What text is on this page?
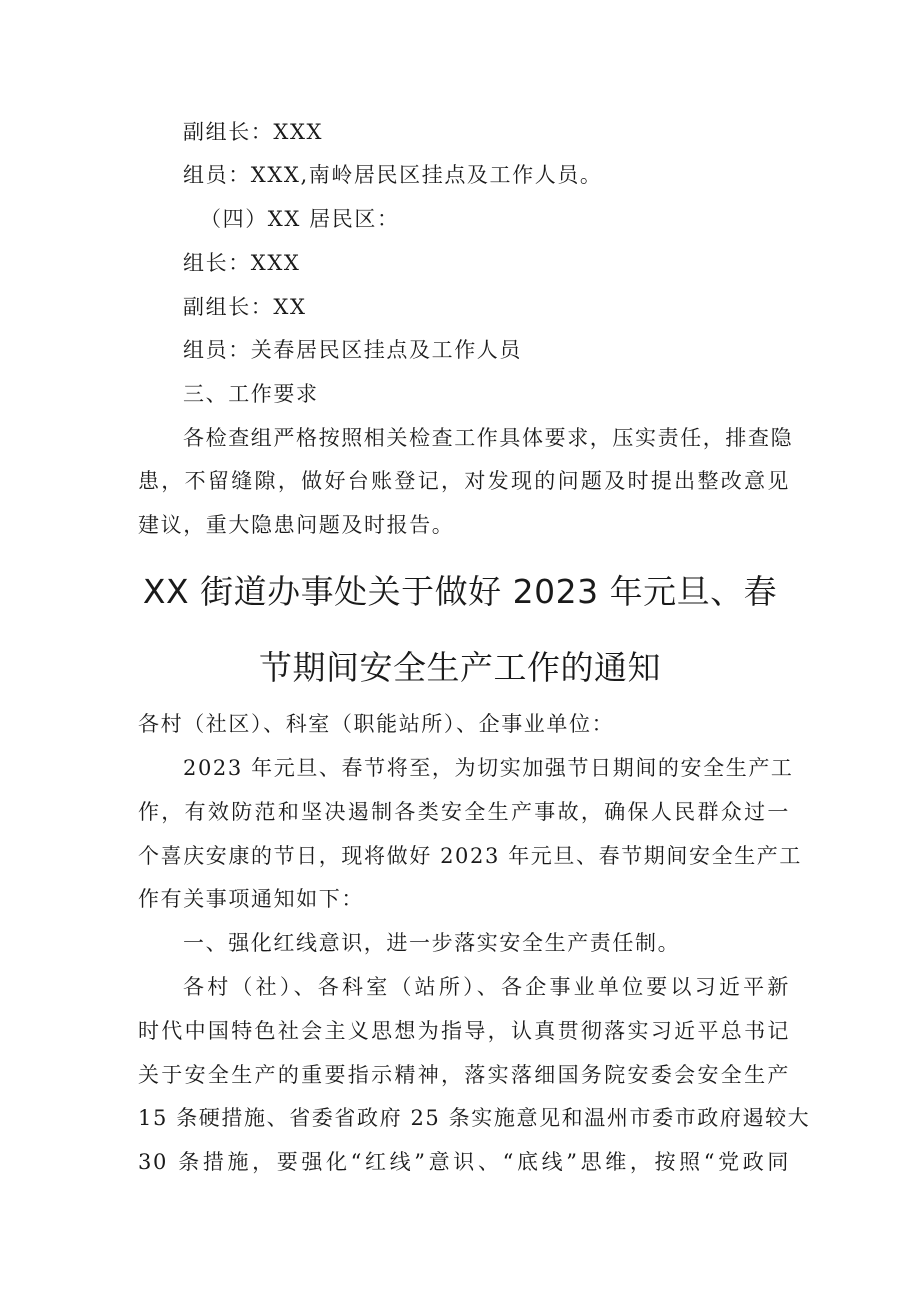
副组长：XXX
组员：XXX,南岭居民区挂点及工作人员。
（四）XX 居民区：
组长：XXX
副组长：XX
组员：关春居民区挂点及工作人员
三、工作要求
各检查组严格按照相关检查工作具体要求，压实责任，排查隐
患，不留缝隙，做好台账登记，对发现的问题及时提出整改意见
建议，重大隐患问题及时报告。
XX 街道办事处关于做好 2023 年元旦、春
节期间安全生产工作的通知
各村（社区）、科室（职能站所）、企事业单位：
2023 年元旦、春节将至，为切实加强节日期间的安全生产工
作，有效防范和坚决遏制各类安全生产事故，确保人民群众过一
个喜庆安康的节日，现将做好 2023 年元旦、春节期间安全生产工
作有关事项通知如下：
一、强化红线意识，进一步落实安全生产责任制。
各村（社）、各科室（站所）、各企事业单位要以习近平新
时代中国特色社会主义思想为指导，认真贯彻落实习近平总书记
关于安全生产的重要指示精神，落实落细国务院安委会安全生产
15 条硬措施、省委省政府 25 条实施意见和温州市委市政府遏较大
30 条措施，要强化“红线”意识、“底线”思维，按照“党政同
